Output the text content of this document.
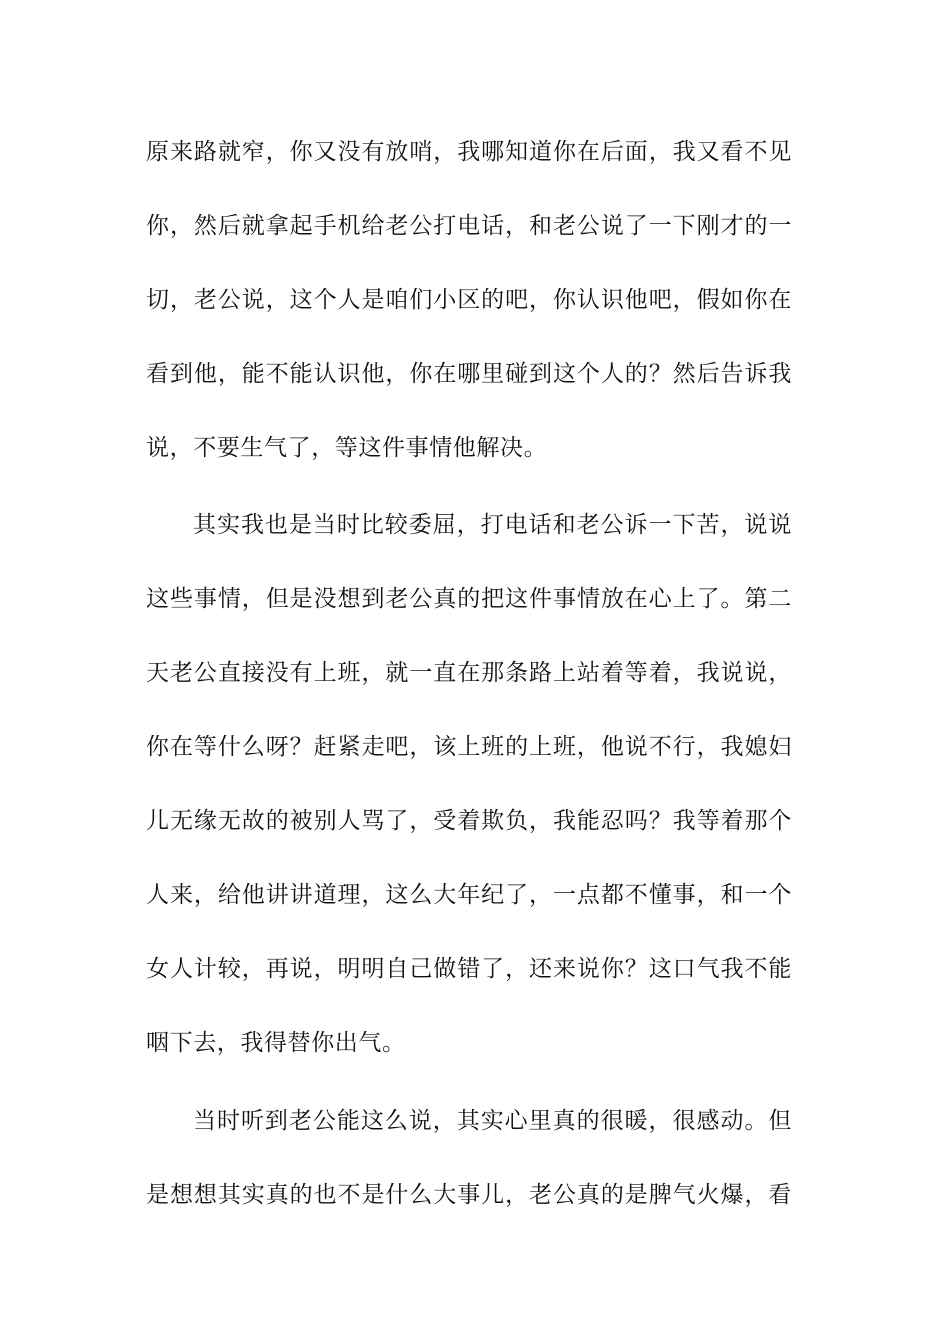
原来路就窄，你又没有放哨，我哪知道你在后面，我又看不见
你，然后就拿起手机给老公打电话，和老公说了一下刚才的一
切，老公说，这个人是咱们小区的吧，你认识他吧，假如你在
看到他，能不能认识他，你在哪里碰到这个人的？然后告诉我
说，不要生气了，等这件事情他解决。
其实我也是当时比较委屈，打电话和老公诉一下苦，说说
这些事情，但是没想到老公真的把这件事情放在心上了。第二
天老公直接没有上班，就一直在那条路上站着等着，我说说，
你在等什么呀？赶紧走吧，该上班的上班，他说不行，我媳妇
儿无缘无故的被别人骂了，受着欺负，我能忍吗？我等着那个
人来，给他讲讲道理，这么大年纪了，一点都不懂事，和一个
女人计较，再说，明明自己做错了，还来说你？这口气我不能
咽下去，我得替你出气。
当时听到老公能这么说，其实心里真的很暖，很感动。但
是想想其实真的也不是什么大事儿，老公真的是脾气火爆，看
